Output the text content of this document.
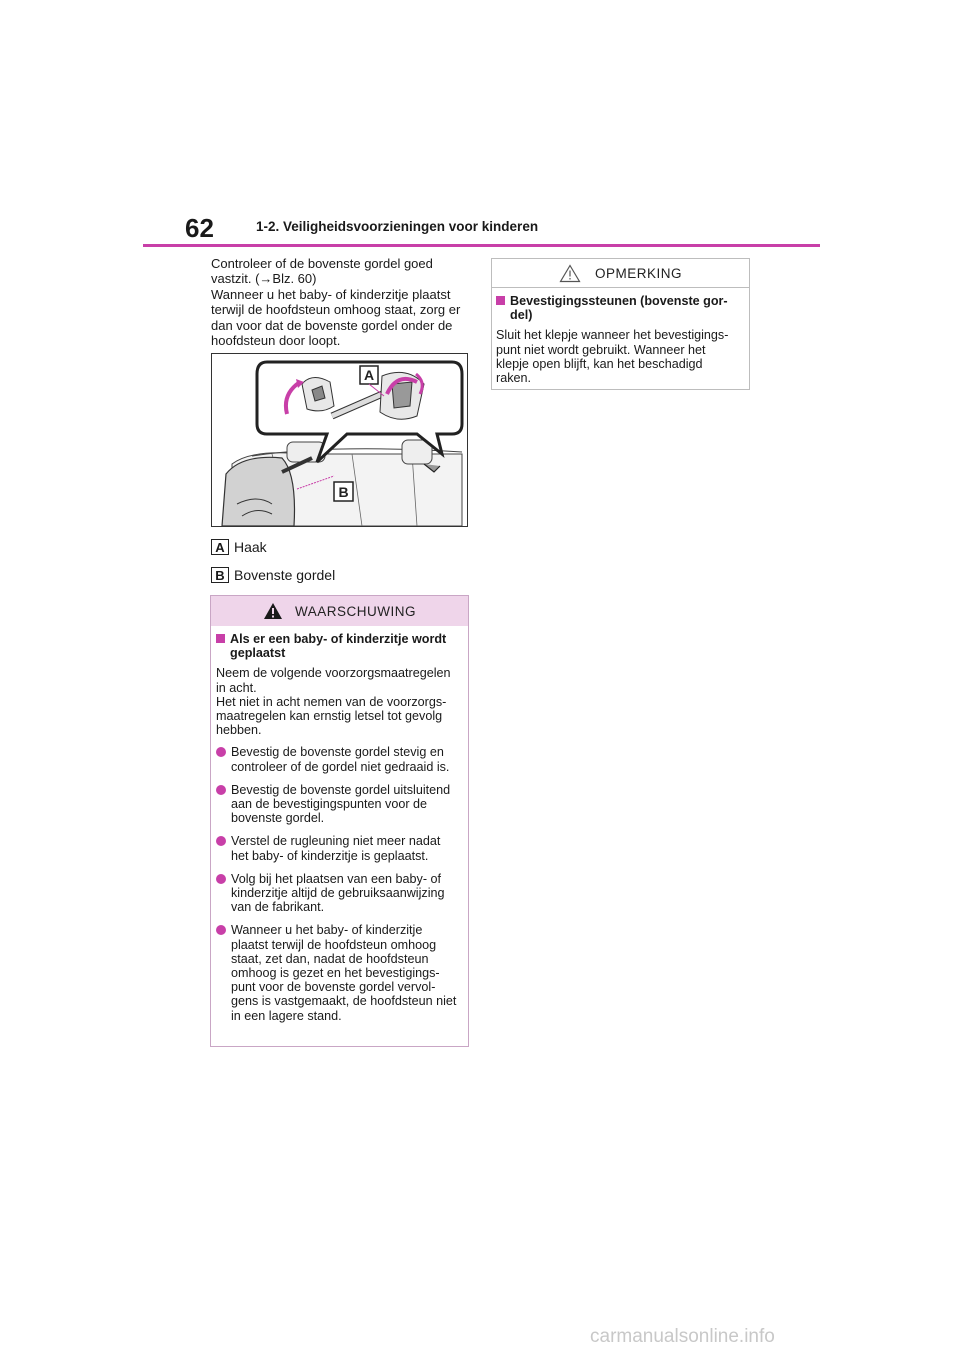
62	1-2. Veiligheidsvoorzieningen voor kinderen

Controleer of de bovenste gordel goed

vastzit. (→Blz. 60)

Wanneer u het baby- of kinderzitje plaatst

terwijl de hoofdsteun omhoog staat, zorg er

dan voor dat de bovenste gordel onder de

hoofdsteun door loopt.

A
B
A Haak
B Bovenste gordel
WAARSCHUWING
Als er een baby- of kinderzitje wordt geplaatst

Neem de volgende voorzorgsmaatregelen

in acht.

Het niet in acht nemen van de voorzorgs-

maatregelen kan ernstig letsel tot gevolg

hebben.

Bevestig de bovenste gordel stevig en controleer of de gordel niet gedraaid is.
Bevestig de bovenste gordel uitsluitend aan de bevestigingspunten voor de bovenste gordel.
Verstel de rugleuning niet meer nadat het baby- of kinderzitje is geplaatst.
Volg bij het plaatsen van een baby- of kinderzitje altijd de gebruiksaanwijzing van de fabrikant.
Wanneer u het baby- of kinderzitje plaatst terwijl de hoofdsteun omhoog staat, zet dan, nadat de hoofdsteun omhoog is gezet en het bevestigings-punt voor de bovenste gordel vervol-gens is vastgemaakt, de hoofdsteun niet in een lagere stand.
OPMERKING
Bevestigingssteunen (bovenste gor-del)
Sluit het klepje wanneer het bevestigings-punt niet wordt gebruikt. Wanneer het klepje open blijft, kan het beschadigd raken.
carmanualsonline.info
